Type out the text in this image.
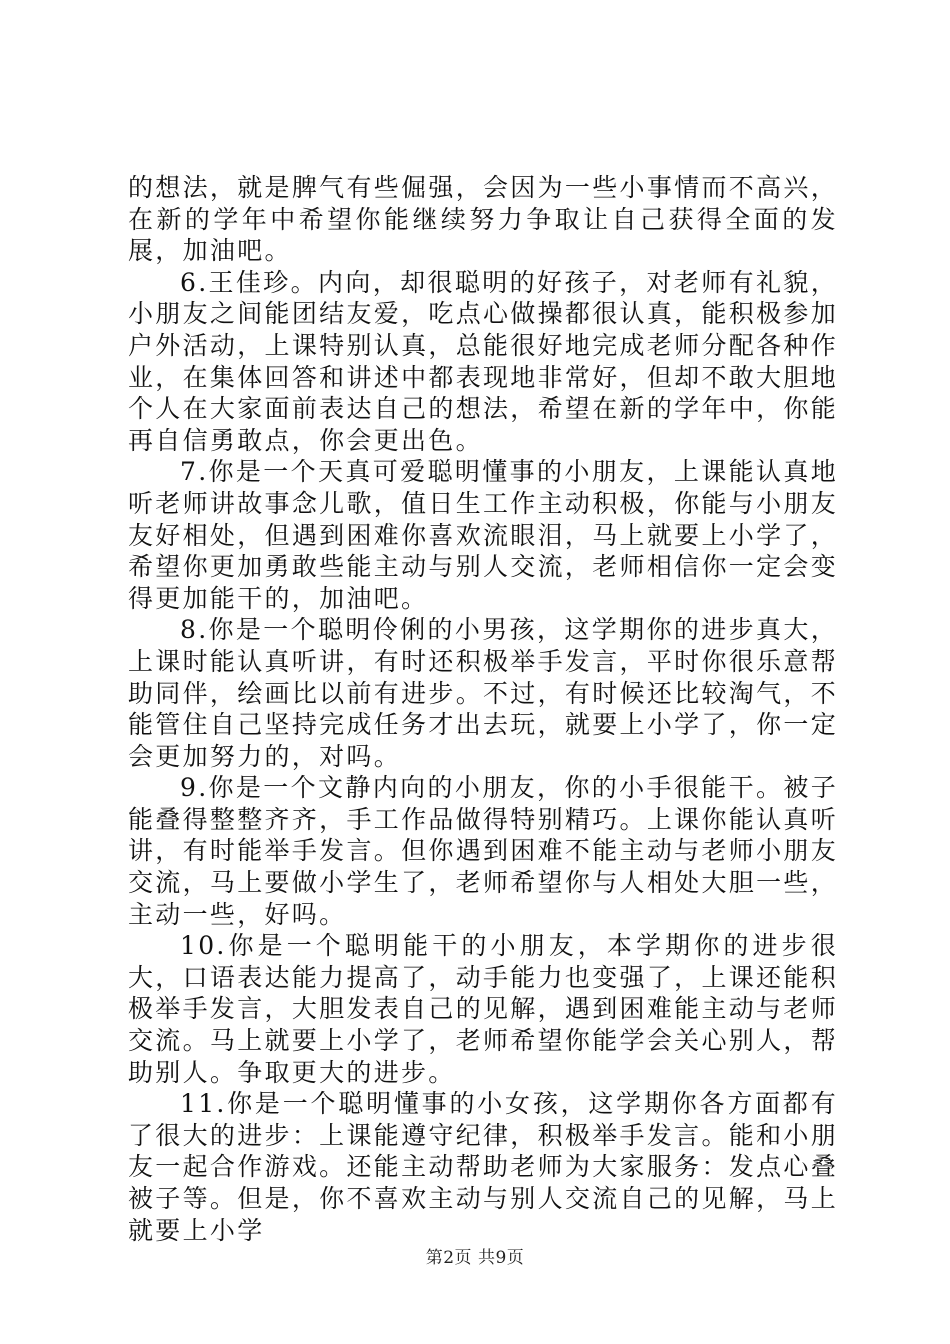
的想法，就是脾气有些倔强，会因为一些小事情而不高兴，在新的学年中希望你能继续努力争取让自己获得全面的发展，加油吧。

6.王佳珍。内向，却很聪明的好孩子，对老师有礼貌，小朋友之间能团结友爱，吃点心做操都很认真，能积极参加户外活动，上课特别认真，总能很好地完成老师分配各种作业，在集体回答和讲述中都表现地非常好，但却不敢大胆地个人在大家面前表达自己的想法，希望在新的学年中，你能再自信勇敢点，你会更出色。

7.你是一个天真可爱聪明懂事的小朋友，上课能认真地听老师讲故事念儿歌，值日生工作主动积极，你能与小朋友友好相处，但遇到困难你喜欢流眼泪，马上就要上小学了，希望你更加勇敢些能主动与别人交流，老师相信你一定会变得更加能干的，加油吧。

8.你是一个聪明伶俐的小男孩，这学期你的进步真大，上课时能认真听讲，有时还积极举手发言，平时你很乐意帮助同伴，绘画比以前有进步。不过，有时候还比较淘气，不能管住自己坚持完成任务才出去玩，就要上小学了，你一定会更加努力的，对吗。

9.你是一个文静内向的小朋友，你的小手很能干。被子能叠得整整齐齐，手工作品做得特别精巧。上课你能认真听讲，有时能举手发言。但你遇到困难不能主动与老师小朋友交流，马上要做小学生了，老师希望你与人相处大胆一些，主动一些，好吗。

10.你是一个聪明能干的小朋友，本学期你的进步很大，口语表达能力提高了，动手能力也变强了，上课还能积极举手发言，大胆发表自己的见解，遇到困难能主动与老师交流。马上就要上小学了，老师希望你能学会关心别人，帮助别人。争取更大的进步。

11.你是一个聪明懂事的小女孩，这学期你各方面都有了很大的进步：上课能遵守纪律，积极举手发言。能和小朋友一起合作游戏。还能主动帮助老师为大家服务：发点心叠被子等。但是，你不喜欢主动与别人交流自己的见解，马上就要上小学

第2页 共9页
